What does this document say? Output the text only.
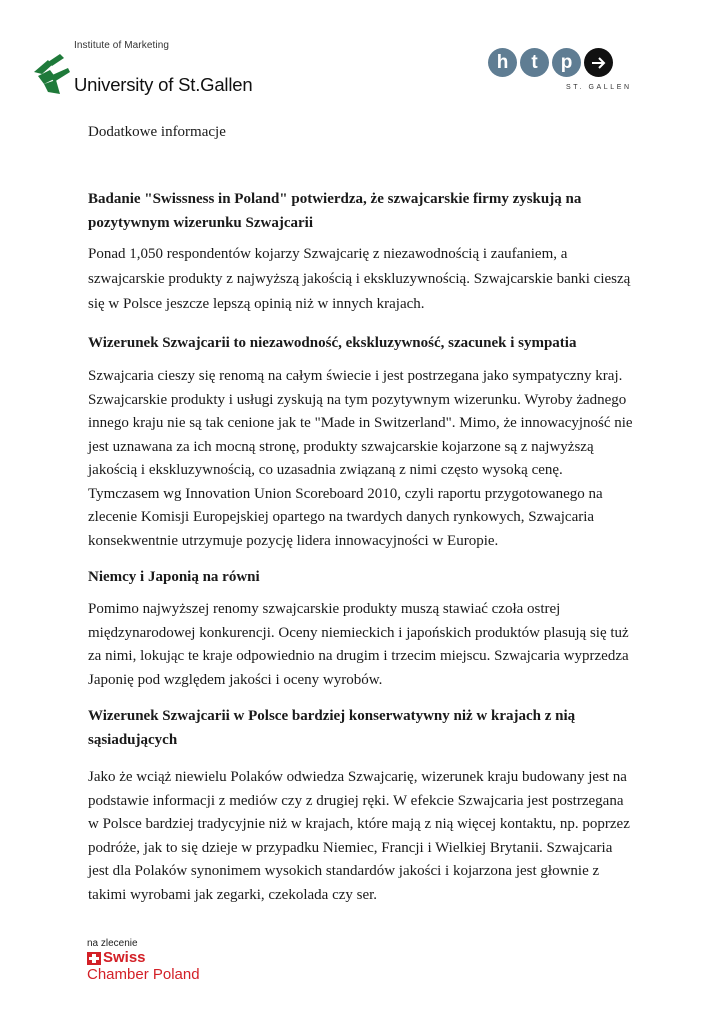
Institute of Marketing
University of St.Gallen
h	t	p
ST. GALLEN
Dodatkowe informacje
Badanie "Swissness in Poland" potwierdza, że szwajcarskie firmy zyskują na pozytywnym wizerunku Szwajcarii

Ponad 1,050 respondentów kojarzy Szwajcarię z niezawodnością i zaufaniem, a szwajcarskie produkty z najwyższą jakością i ekskluzywnością. Szwajcarskie banki cieszą się w Polsce jeszcze lepszą opinią niż w innych krajach.

Wizerunek Szwajcarii to niezawodność, ekskluzywność, szacunek i sympatia

Szwajcaria cieszy się renomą na całym świecie i jest postrzegana jako sympatyczny kraj. Szwajcarskie produkty i usługi zyskują na tym pozytywnym wizerunku. Wyroby żadnego innego kraju nie są tak cenione jak te "Made in Switzerland". Mimo, że innowacyjność nie jest uznawana za ich mocną stronę, produkty szwajcarskie kojarzone są z najwyższą jakością i ekskluzywnością, co uzasadnia związaną z nimi często wysoką cenę. Tymczasem wg Innovation Union Scoreboard 2010, czyli raportu przygotowanego na zlecenie Komisji Europejskiej opartego na twardych danych rynkowych, Szwajcaria konsekwentnie utrzymuje pozycję lidera innowacyjności w Europie.

Niemcy i Japonią na równi

Pomimo najwyższej renomy szwajcarskie produkty muszą stawiać czoła ostrej międzynarodowej konkurencji. Oceny niemieckich i japońskich produktów plasują się tuż za nimi, lokując te kraje odpowiednio na drugim i trzecim miejscu. Szwajcaria wyprzedza Japonię pod względem jakości i oceny wyrobów.

Wizerunek Szwajcarii w Polsce bardziej konserwatywny niż w krajach z nią sąsiadujących

Jako że wciąż niewielu Polaków odwiedza Szwajcarię, wizerunek kraju budowany jest na podstawie informacji z mediów czy z drugiej ręki. W efekcie Szwajcaria jest postrzegana w Polsce bardziej tradycyjnie niż w krajach, które mają z nią więcej kontaktu, np. poprzez podróże, jak to się dzieje w przypadku Niemiec, Francji i Wielkiej Brytanii. Szwajcaria jest dla Polaków synonimem wysokich standardów jakości i kojarzona jest głownie z takimi wyrobami jak zegarki, czekolada czy ser.

na zlecenie
Swiss
Chamber Poland
